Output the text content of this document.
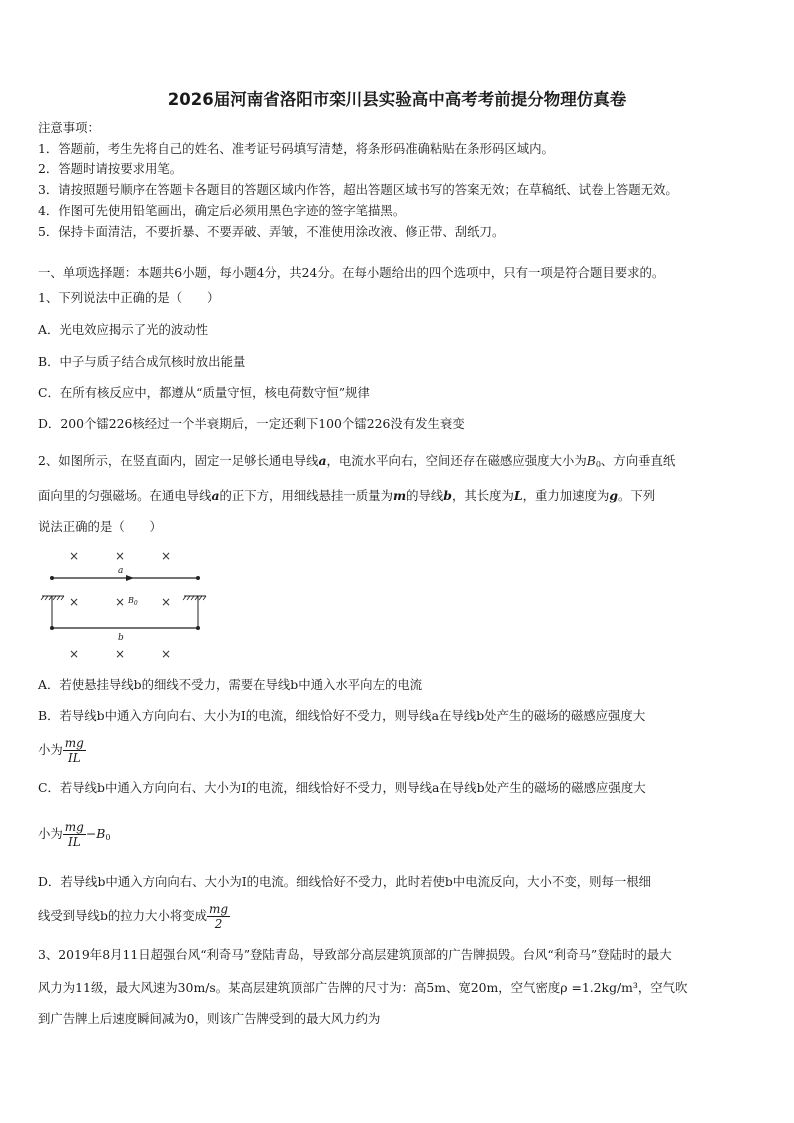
2026届河南省洛阳市栾川县实验高中高考考前提分物理仿真卷
注意事项：
1．答题前，考生先将自己的姓名、准考证号码填写清楚，将条形码准确粘贴在条形码区域内。
2．答题时请按要求用笔。
3．请按照题号顺序在答题卡各题目的答题区域内作答，超出答题区域书写的答案无效；在草稿纸、试卷上答题无效。
4．作图可先使用铅笔画出，确定后必须用黑色字迹的签字笔描黑。
5．保持卡面清洁，不要折暴、不要弄破、弄皱，不准使用涂改液、修正带、刮纸刀。
一、单项选择题：本题共6小题，每小题4分，共24分。在每小题给出的四个选项中，只有一项是符合题目要求的。
1、下列说法中正确的是（　　）
A．光电效应揭示了光的波动性
B．中子与质子结合成氘核时放出能量
C．在所有核反应中，都遵从“质量守恒，核电荷数守恒”规律
D．200个镭226核经过一个半衰期后，一定还剩下100个镭226没有发生衰变
2、如图所示，在竖直面内，固定一足够长通电导线a，电流水平向右，空间还存在磁感应强度大小为$B_0$、方向垂直纸
面向里的匀强磁场。在通电导线a的正下方，用细线悬挂一质量为m的导线b，其长度为L，重力加速度为g。下列
说法正确的是（　　）
×	×	×
×	×	×
×	×	×
a
$B_0$
b
A．若使悬挂导线b的细线不受力，需要在导线b中通入水平向左的电流
B．若导线b中通入方向向右、大小为I的电流，细线恰好不受力，则导线a在导线b处产生的磁场的磁感应强度大
小为 $\frac{mg}{IL}$
C．若导线b中通入方向向右、大小为I的电流，细线恰好不受力，则导线a在导线b处产生的磁场的磁感应强度大
小为 $\frac{mg}{IL} -B_0$
D．若导线b中通入方向向右、大小为I的电流。细线恰好不受力，此时若使b中电流反向，大小不变，则每一根细
线受到导线b的拉力大小将变成 $\frac{mg}{2}$
3、2019年8月11日超强台风“利奇马”登陆青岛，导致部分高层建筑顶部的广告牌损毁。台风“利奇马”登陆时的最大
风力为11级，最大风速为30m/s。某高层建筑顶部广告牌的尺寸为：高5m、宽20m，空气密度ρ =1.2kg/m³，空气吹
到广告牌上后速度瞬间减为0，则该广告牌受到的最大风力约为
